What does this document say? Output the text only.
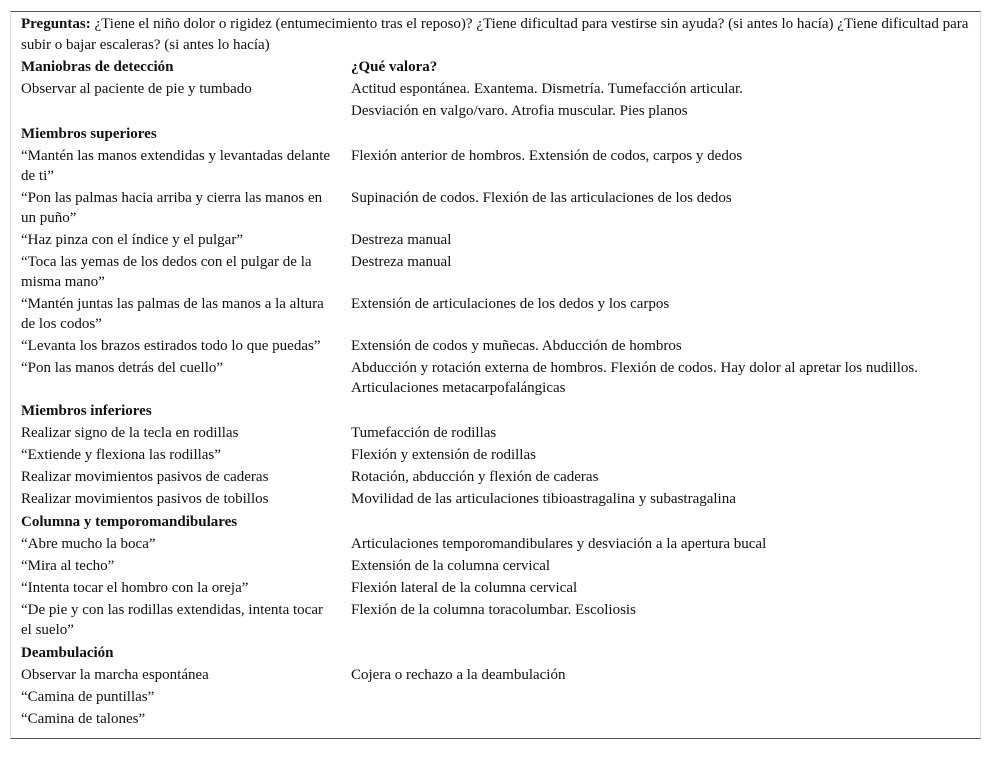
Preguntas: ¿Tiene el niño dolor o rigidez (entumecimiento tras el reposo)? ¿Tiene dificultad para vestirse sin ayuda? (si antes lo hacía) ¿Tiene dificultad para subir o bajar escaleras? (si antes lo hacía)
Maniobras de detección	¿Qué valora?
Observar al paciente de pie y tumbado	Actitud espontánea. Exantema. Dismetría. Tumefacción articular.
	Desviación en valgo/varo. Atrofia muscular. Pies planos
Miembros superiores	
“Mantén las manos extendidas y levantadas delante de ti”	Flexión anterior de hombros. Extensión de codos, carpos y dedos
“Pon las palmas hacia arriba y cierra las manos en un puño”	Supinación de codos. Flexión de las articulaciones de los dedos
“Haz pinza con el índice y el pulgar”	Destreza manual
“Toca las yemas de los dedos con el pulgar de la misma mano”	Destreza manual
“Mantén juntas las palmas de las manos a la altura de los codos”	Extensión de articulaciones de los dedos y los carpos
“Levanta los brazos estirados todo lo que puedas”	Extensión de codos y muñecas. Abducción de hombros
“Pon las manos detrás del cuello”	Abducción y rotación externa de hombros. Flexión de codos. Hay dolor al apretar los nudillos. Articulaciones metacarpofalángicas
Miembros inferiores	
Realizar signo de la tecla en rodillas	Tumefacción de rodillas
“Extiende y flexiona las rodillas”	Flexión y extensión de rodillas
Realizar movimientos pasivos de caderas	Rotación, abducción y flexión de caderas
Realizar movimientos pasivos de tobillos	Movilidad de las articulaciones tibioastragalina y subastragalina
Columna y temporomandibulares	
“Abre mucho la boca”	Articulaciones temporomandibulares y desviación a la apertura bucal
“Mira al techo”	Extensión de la columna cervical
“Intenta tocar el hombro con la oreja”	Flexión lateral de la columna cervical
“De pie y con las rodillas extendidas, intenta tocar el suelo”	Flexión de la columna toracolumbar. Escoliosis
Deambulación	
Observar la marcha espontánea	Cojera o rechazo a la deambulación
“Camina de puntillas”	
“Camina de talones”	
